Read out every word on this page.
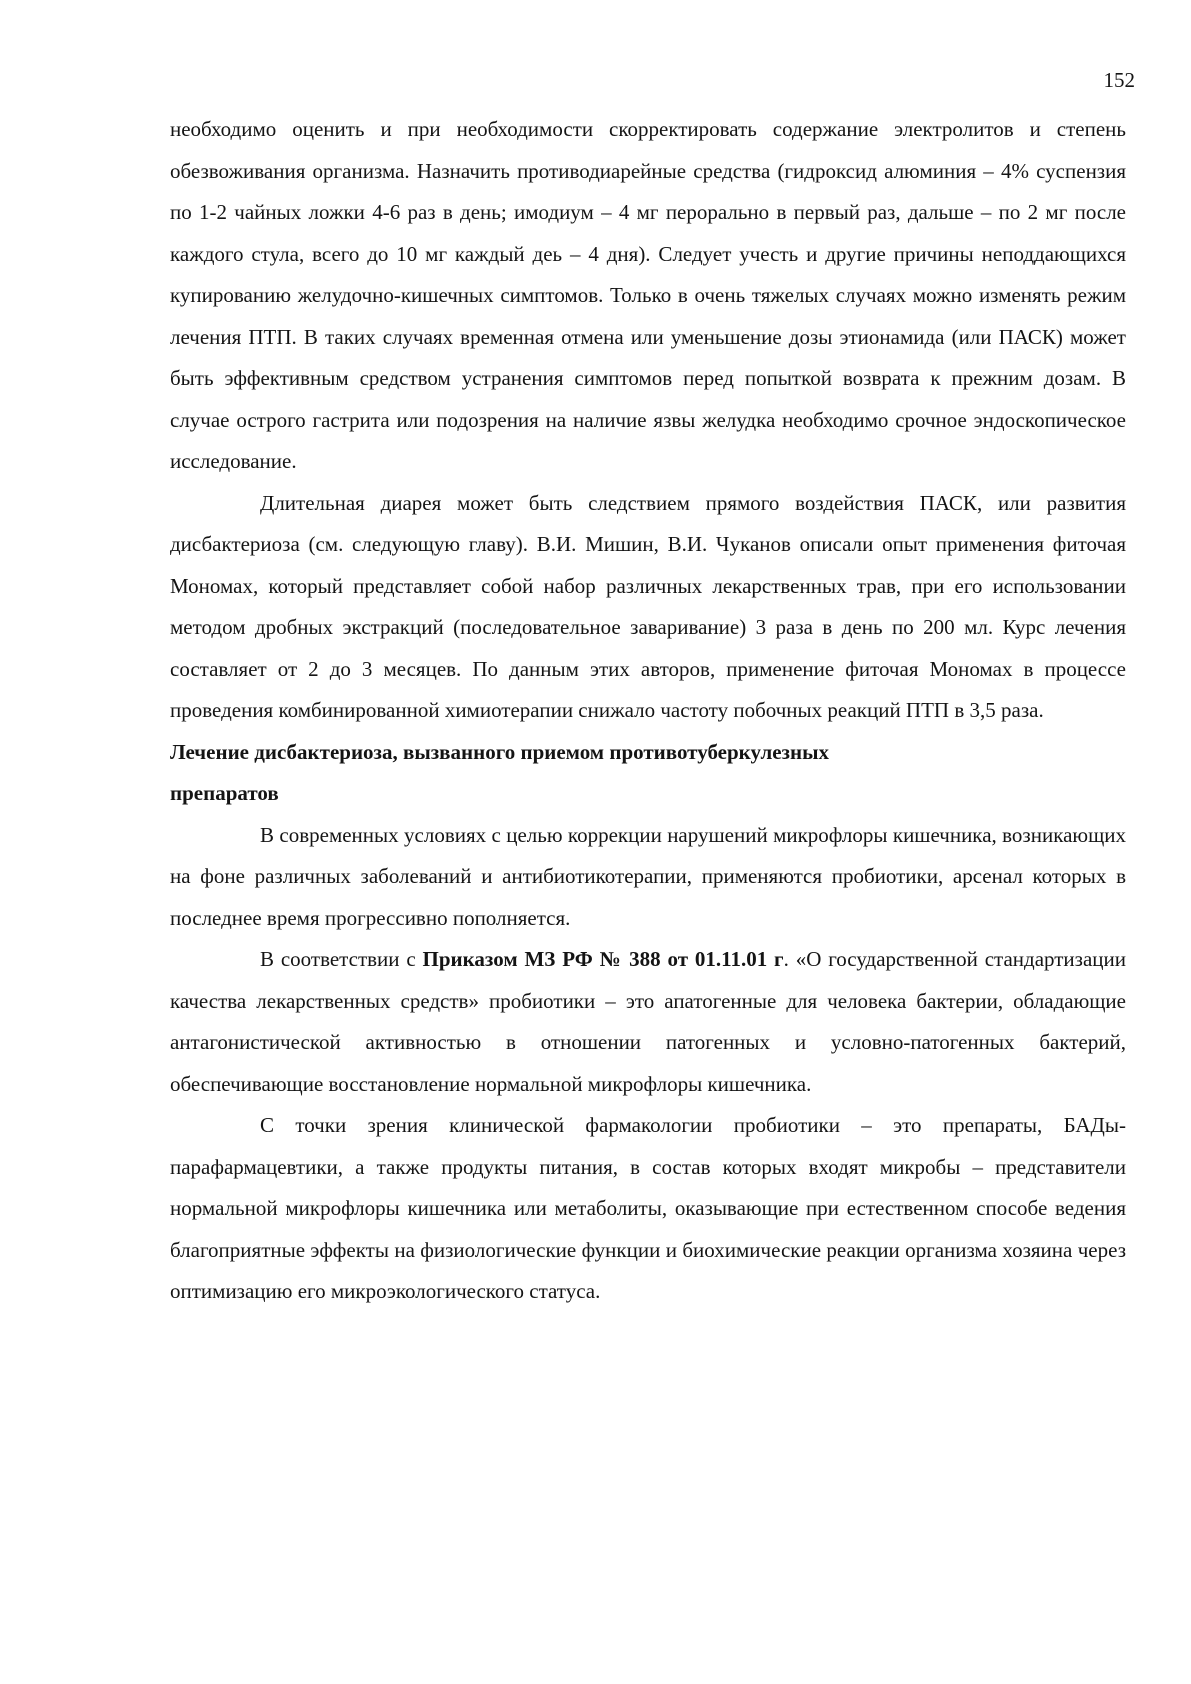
152

необходимо оценить и при необходимости скорректировать содержание электролитов и степень обезвоживания организма. Назначить противодиарейные средства (гидроксид алюминия – 4% суспензия по 1-2 чайных ложки 4-6 раз в день; имодиум – 4 мг перорально в первый раз, дальше – по 2 мг после каждого стула, всего до 10 мг каждый деь – 4 дня). Следует учесть и другие причины неподдающихся купированию желудочно-кишечных симптомов. Только в очень тяжелых случаях можно изменять режим лечения ПТП. В таких случаях временная отмена или уменьшение дозы этионамида (или ПАСК) может быть эффективным средством устранения симптомов перед попыткой возврата к прежним дозам. В случае острого гастрита или подозрения на наличие язвы желудка необходимо срочное эндоскопическое исследование.

Длительная диарея может быть следствием прямого воздействия ПАСК, или развития дисбактериоза (см. следующую главу). В.И. Мишин, В.И. Чуканов описали опыт применения фиточая Мономах, который представляет собой набор различных лекарственных трав, при его использовании методом дробных экстракций (последовательное заваривание) 3 раза в день по 200 мл. Курс лечения составляет от 2 до 3 месяцев. По данным этих авторов, применение фиточая Мономах в процессе проведения комбинированной химиотерапии снижало частоту побочных реакций ПТП в 3,5 раза.

Лечение дисбактериоза, вызванного приемом противотуберкулезных

препаратов

В современных условиях с целью коррекции нарушений микрофлоры кишечника, возникающих на фоне различных заболеваний и антибиотикотерапии, применяются пробиотики, арсенал которых в последнее время прогрессивно пополняется.

В соответствии с Приказом МЗ РФ № 388 от 01.11.01 г. «О государственной стандартизации качества лекарственных средств» пробиотики – это апатогенные для человека бактерии, обладающие антагонистической активностью в отношении патогенных и условно-патогенных бактерий, обеспечивающие восстановление нормальной микрофлоры кишечника.

С точки зрения клинической фармакологии пробиотики – это препараты, БАДы-парафармацевтики, а также продукты питания, в состав которых входят микробы – представители нормальной микрофлоры кишечника или метаболиты, оказывающие при естественном способе ведения благоприятные эффекты на физиологические функции и биохимические реакции организма хозяина через оптимизацию его микроэкологического статуса.
